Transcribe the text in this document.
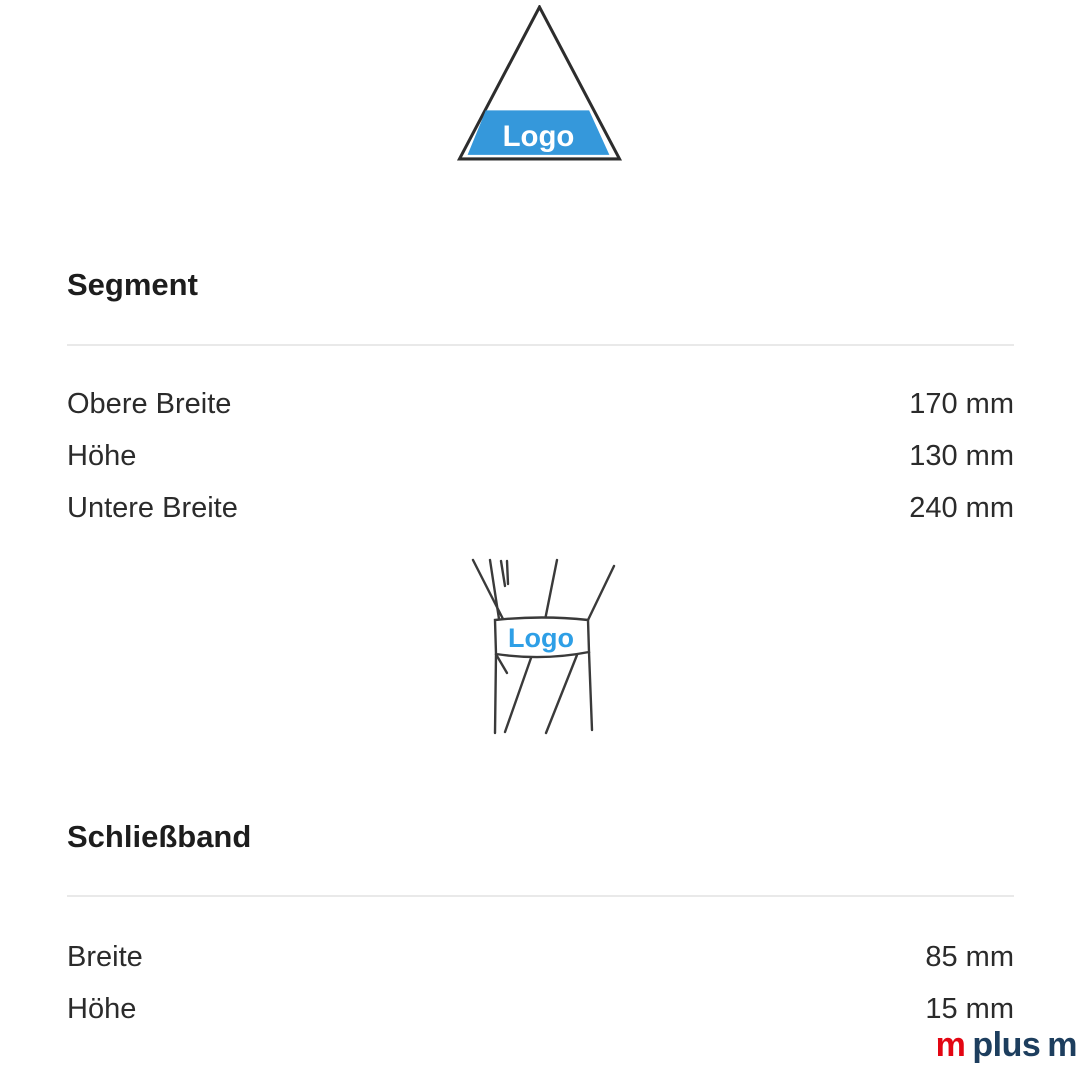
Logo
Segment
Obere Breite	170 mm
Höhe	130 mm
Untere Breite	240 mm
Logo
Schließband
Breite	85 mm
Höhe	15 mm
m plus m
